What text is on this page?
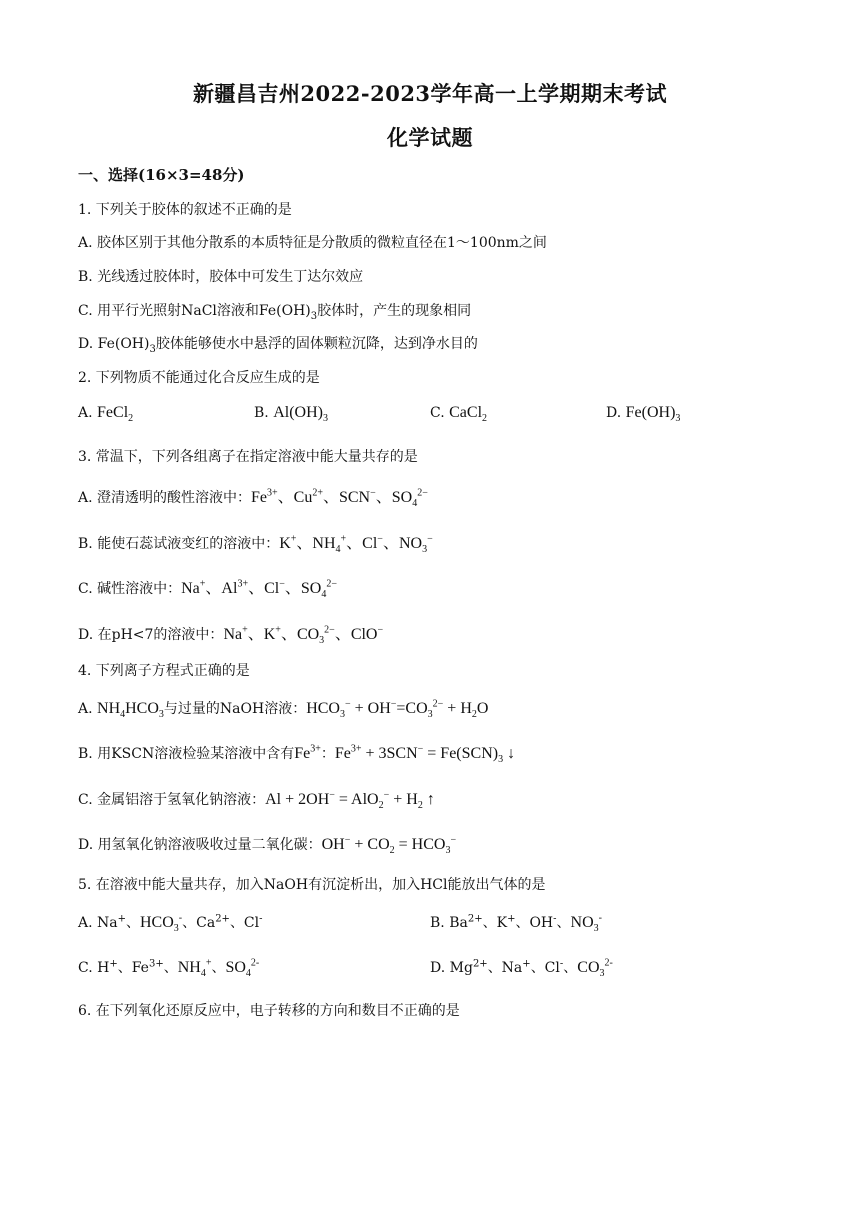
新疆昌吉州2022-2023学年高一上学期期末考试
化学试题
一、选择(16×3=48分)
1. 下列关于胶体的叙述不正确的是
A. 胶体区别于其他分散系的本质特征是分散质的微粒直径在1～100nm之间
B. 光线透过胶体时，胶体中可发生丁达尔效应
C. 用平行光照射NaCl溶液和$Fe(OH)_3$胶体时，产生的现象相同
D. $Fe(OH)_3$胶体能够使水中悬浮的固体颗粒沉降，达到净水目的
2. 下列物质不能通过化合反应生成的是
A. FeCl$_2$	B. $Al(OH)_3$	C. CaCl$_2$	D. $Fe(OH)_3$
3. 常温下，下列各组离子在指定溶液中能大量共存的是
A. 澄清透明的酸性溶液中：$Fe^{3+}$、$Cu^{2+}$、SCN−、$SO_4^{2-}$
B. 能使石蕊试液变红的溶液中：K+、$NH_4^+$、Cl−、$NO_3^-$
C. 碱性溶液中：Na+、$Al^{3+}$、Cl−、$SO_4^{2-}$
D. 在pH<7的溶液中：Na+、K+、$CO_3^{2-}$、ClO−
4. 下列离子方程式正确的是
A. $NH_4HCO_3$与过量的NaOH溶液：$HCO_3^- + OH^-=CO_3^{2-} + H_2O$
B. 用KSCN溶液检验某溶液中含有$Fe^{3+}$：$Fe^{3+} + 3SCN^- = Fe(SCN)_3$ ↓
C. 金属铝溶于氢氧化钠溶液：$Al + 2OH^- = AlO_2^- + H_2$ ↑
D. 用氢氧化钠溶液吸收过量二氧化碳：$OH^- + CO_2 = HCO_3^-$
5. 在溶液中能大量共存，加入NaOH有沉淀析出，加入HCl能放出气体的是
A. Na+、$HCO_3^-$、$Ca^{2+}$、Cl-	B. $Ba^{2+}$、K+、OH-、$NO_3^-$
C. H+、$Fe^{3+}$、$NH_4^+$、$SO_4^{2-}$	D. $Mg^{2+}$、Na+、Cl-、$CO_3^{2-}$
6. 在下列氧化还原反应中，电子转移的方向和数目不正确的是
